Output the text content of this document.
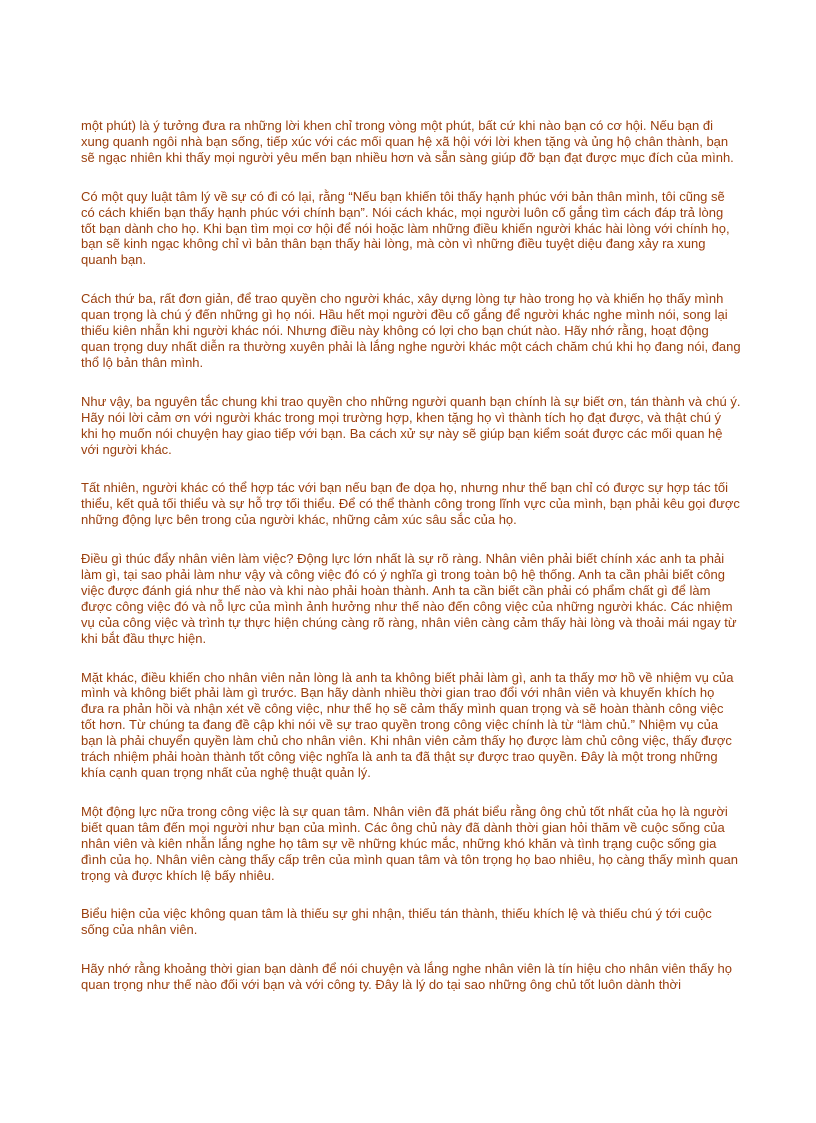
một phút) là ý tưởng đưa ra những lời khen chỉ trong vòng một phút, bất cứ khi nào bạn có cơ hội. Nếu bạn đi xung quanh ngôi nhà bạn sống, tiếp xúc với các mối quan hệ xã hội với lời khen tặng và ủng hộ chân thành, bạn sẽ ngạc nhiên khi thấy mọi người yêu mến bạn nhiều hơn và sẵn sàng giúp đỡ bạn đạt được mục đích của mình.

Có một quy luật tâm lý về sự có đi có lại, rằng “Nếu bạn khiến tôi thấy hạnh phúc với bản thân mình, tôi cũng sẽ có cách khiến bạn thấy hạnh phúc với chính bạn”. Nói cách khác, mọi người luôn cố gắng tìm cách đáp trả lòng tốt bạn dành cho họ. Khi bạn tìm mọi cơ hội để nói hoặc làm những điều khiến người khác hài lòng với chính họ, bạn sẽ kinh ngạc không chỉ vì bản thân bạn thấy hài lòng, mà còn vì những điều tuyệt diệu đang xảy ra xung quanh bạn.

Cách thứ ba, rất đơn giản, để trao quyền cho người khác, xây dựng lòng tự hào trong họ và khiến họ thấy mình quan trọng là chú ý đến những gì họ nói. Hầu hết mọi người đều cố gắng để người khác nghe mình nói, song lại thiếu kiên nhẫn khi người khác nói. Nhưng điều này không có lợi cho bạn chút nào. Hãy nhớ rằng, hoạt động quan trọng duy nhất diễn ra thường xuyên phải là lắng nghe người khác một cách chăm chú khi họ đang nói, đang thổ lộ bản thân mình.

Như vậy, ba nguyên tắc chung khi trao quyền cho những người quanh bạn chính là sự biết ơn, tán thành và chú ý. Hãy nói lời cảm ơn với người khác trong mọi trường hợp, khen tặng họ vì thành tích họ đạt được, và thật chú ý khi họ muốn nói chuyện hay giao tiếp với bạn. Ba cách xử sự này sẽ giúp bạn kiểm soát được các mối quan hệ với người khác.

Tất nhiên, người khác có thể hợp tác với bạn nếu bạn đe dọa họ, nhưng như thế bạn chỉ có được sự hợp tác tối thiểu, kết quả tối thiểu và sự hỗ trợ tối thiểu. Để có thể thành công trong lĩnh vực của mình, bạn phải kêu gọi được những động lực bên trong của người khác, những cảm xúc sâu sắc của họ.

Điều gì thúc đẩy nhân viên làm việc? Động lực lớn nhất là sự rõ ràng. Nhân viên phải biết chính xác anh ta phải làm gì, tại sao phải làm như vậy và công việc đó có ý nghĩa gì trong toàn bộ hệ thống. Anh ta cần phải biết công việc được đánh giá như thế nào và khi nào phải hoàn thành. Anh ta cần biết cần phải có phẩm chất gì để làm được công việc đó và nỗ lực của mình ảnh hưởng như thế nào đến công việc của những người khác. Các nhiệm vụ của công việc và trình tự thực hiện chúng càng rõ ràng, nhân viên càng cảm thấy hài lòng và thoải mái ngay từ khi bắt đầu thực hiện.

Mặt khác, điều khiến cho nhân viên nản lòng là anh ta không biết phải làm gì, anh ta thấy mơ hồ về nhiệm vụ của mình và không biết phải làm gì trước. Bạn hãy dành nhiều thời gian trao đổi với nhân viên và khuyến khích họ đưa ra phản hồi và nhận xét về công việc, như thế họ sẽ cảm thấy mình quan trọng và sẽ hoàn thành công việc tốt hơn. Từ chúng ta đang đề cập khi nói về sự trao quyền trong công việc chính là từ “làm chủ.” Nhiệm vụ của bạn là phải chuyển quyền làm chủ cho nhân viên. Khi nhân viên cảm thấy họ được làm chủ công việc, thấy được trách nhiệm phải hoàn thành tốt công việc nghĩa là anh ta đã thật sự được trao quyền. Đây là một trong những khía cạnh quan trọng nhất của nghệ thuật quản lý.

Một động lực nữa trong công việc là sự quan tâm. Nhân viên đã phát biểu rằng ông chủ tốt nhất của họ là người biết quan tâm đến mọi người như bạn của mình. Các ông chủ này đã dành thời gian hỏi thăm về cuộc sống của nhân viên và kiên nhẫn lắng nghe họ tâm sự về những khúc mắc, những khó khăn và tình trạng cuộc sống gia đình của họ. Nhân viên càng thấy cấp trên của mình quan tâm và tôn trọng họ bao nhiêu, họ càng thấy mình quan trọng và được khích lệ bấy nhiêu.

Biểu hiện của việc không quan tâm là thiếu sự ghi nhận, thiếu tán thành, thiếu khích lệ và thiếu chú ý tới cuộc sống của nhân viên.

Hãy nhớ rằng khoảng thời gian bạn dành để nói chuyện và lắng nghe nhân viên là tín hiệu cho nhân viên thấy họ quan trọng như thế nào đối với bạn và với công ty. Đây là lý do tại sao những ông chủ tốt luôn dành thời
